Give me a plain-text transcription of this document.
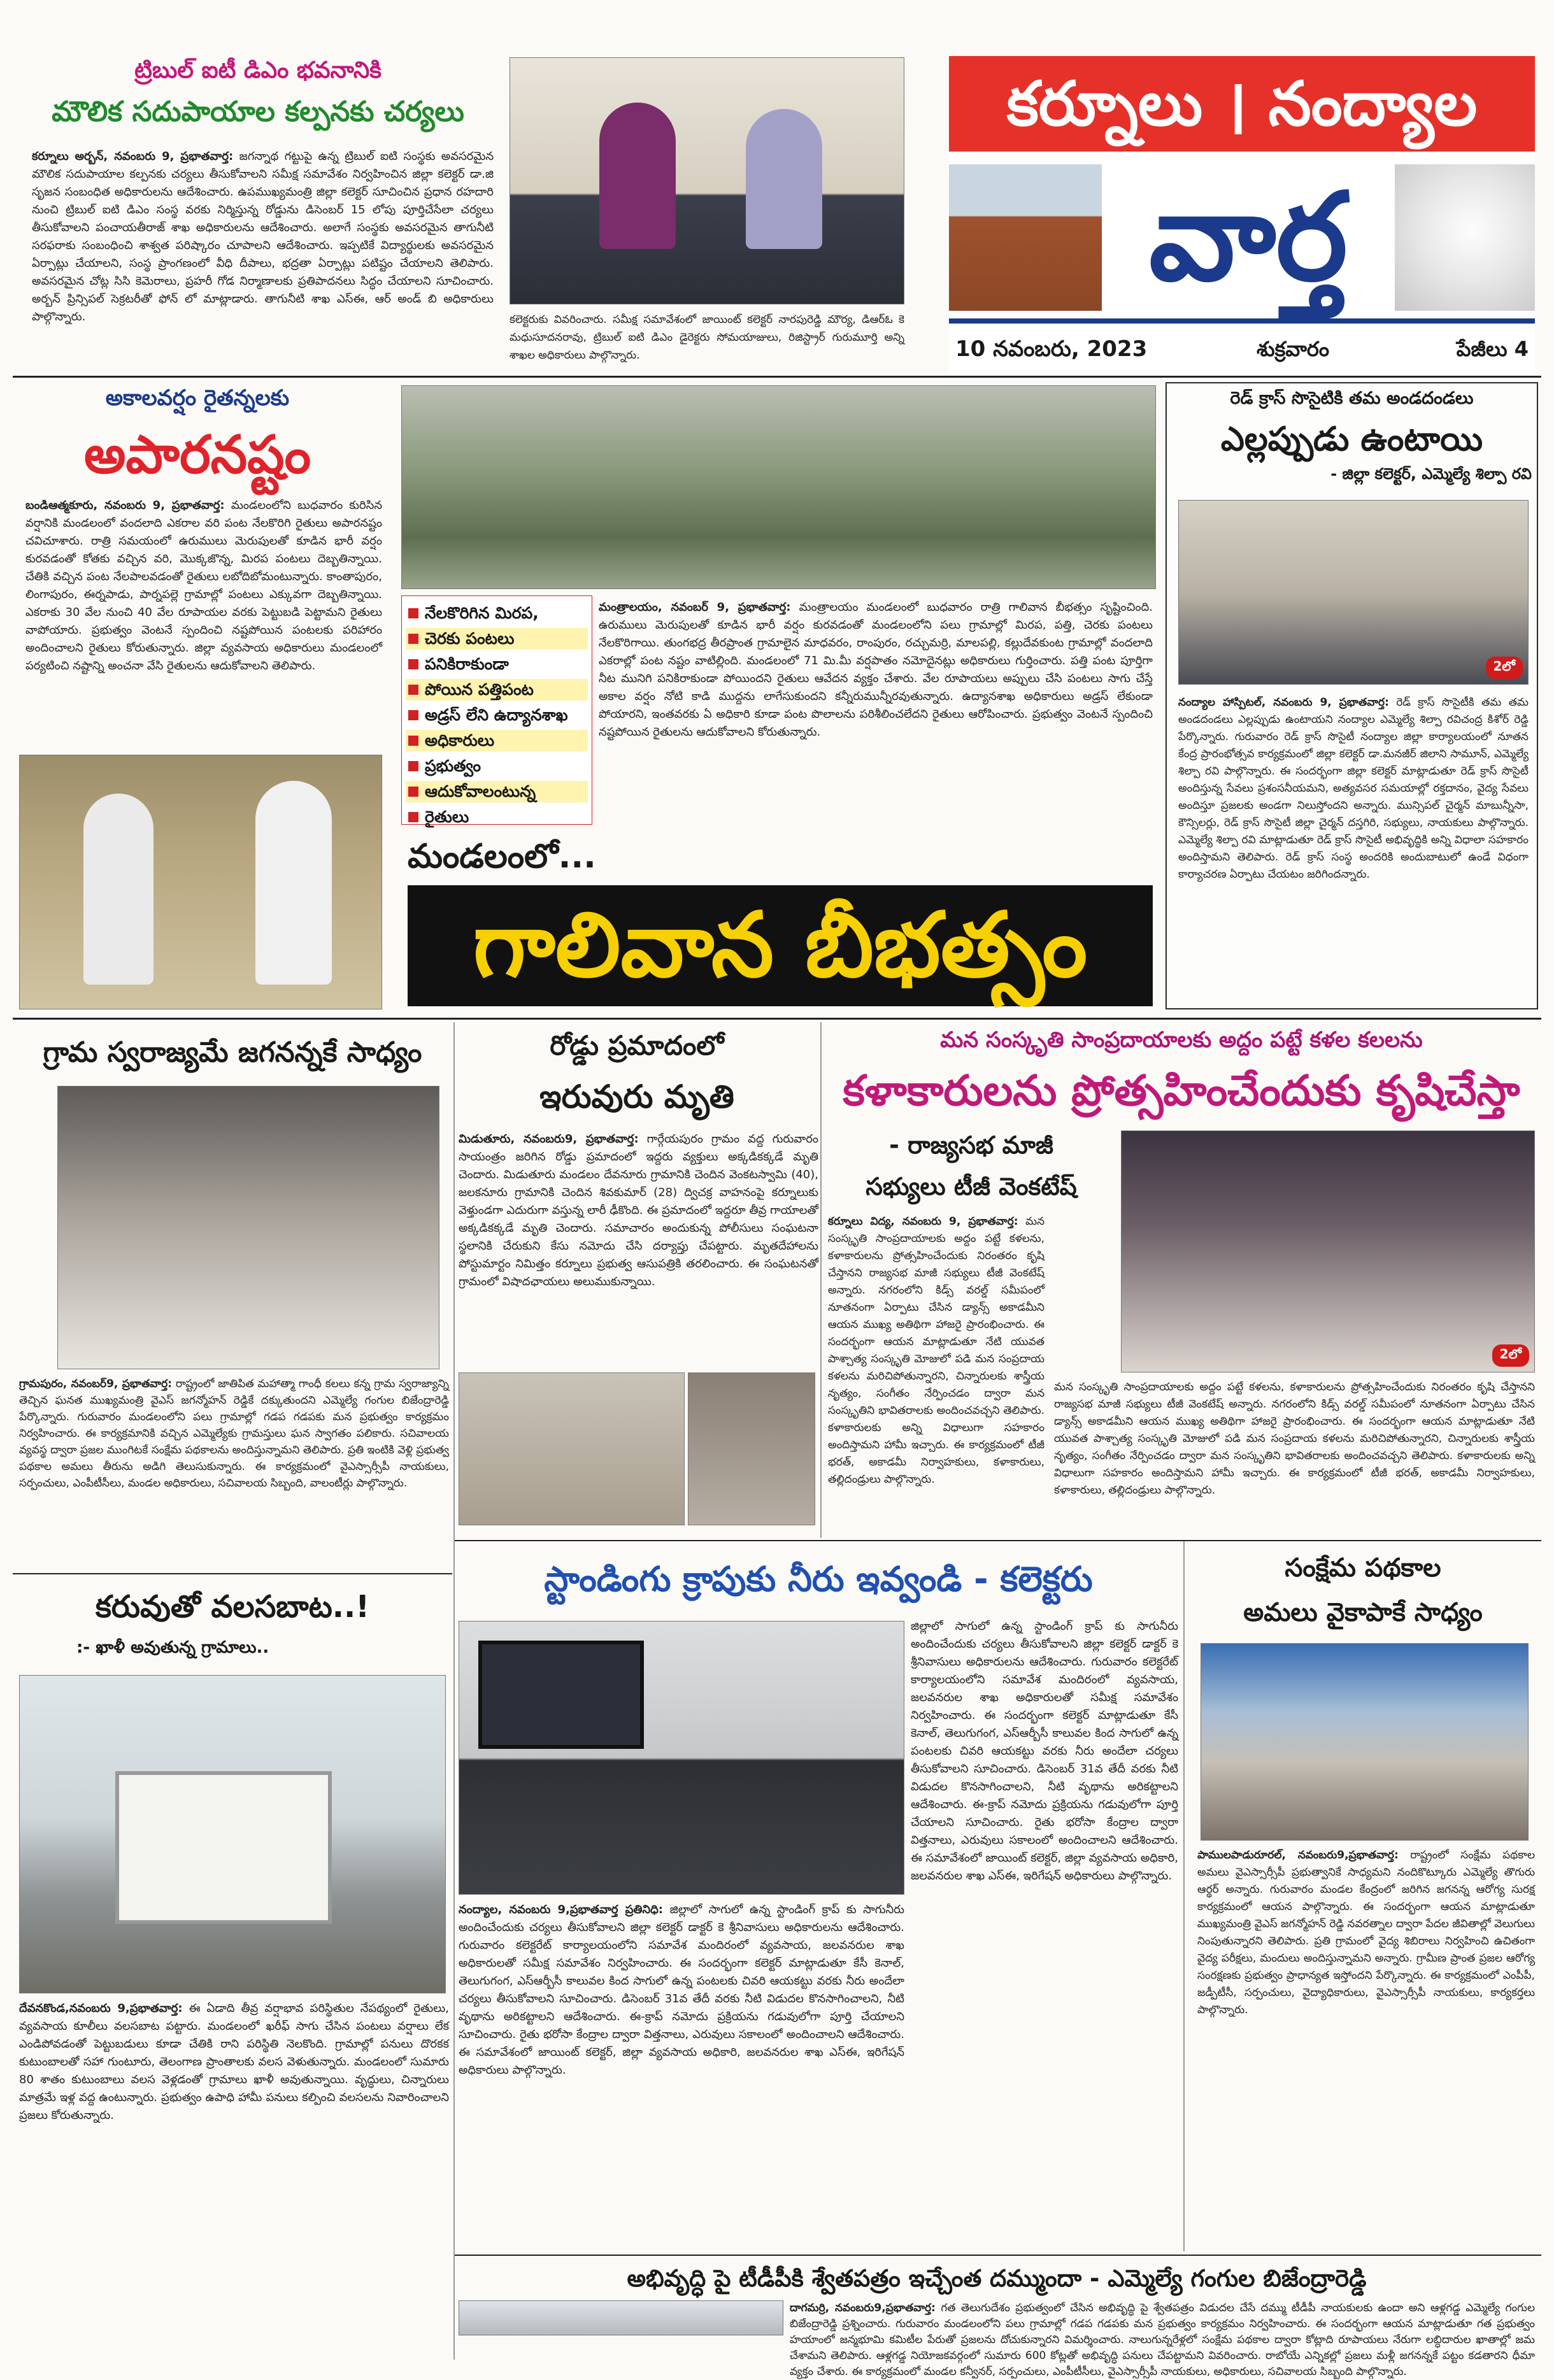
ట్రిబుల్ ఐటీ డిఎం భవనానికి
మౌలిక సదుపాయాల కల్పనకు చర్యలు
కర్నూలు అర్బన్, నవంబరు 9, ప్రభాతవార్త: జగన్నాథ గట్టుపై ఉన్న ట్రిబుల్ ఐటి సంస్థకు అవసరమైన మౌలిక సదుపాయాల కల్పనకు చర్యలు తీసుకోవాలని సమీక్ష సమావేశం నిర్వహించిన జిల్లా కలెక్టర్ డా.జి సృజన సంబంధిత అధికారులను ఆదేశించారు. ఉపముఖ్యమంత్రి జిల్లా కలెక్టర్ సూచించిన ప్రధాన రహదారి నుంచి ట్రిబుల్ ఐటి డిఎం సంస్థ వరకు నిర్మిస్తున్న రోడ్డును డిసెంబర్ 15 లోపు పూర్తిచేసేలా చర్యలు తీసుకోవాలని పంచాయతీరాజ్ శాఖ అధికారులను ఆదేశించారు. అలాగే సంస్థకు అవసరమైన తాగునీటి సరఫరాకు సంబంధించి శాశ్వత పరిష్కారం చూపాలని ఆదేశించారు. ఇప్పటికే విద్యార్థులకు అవసరమైన ఏర్పాట్లు చేయాలని, సంస్థ ప్రాంగణంలో వీధి దీపాలు, భద్రతా ఏర్పాట్లు పటిష్టం చేయాలని తెలిపారు. అవసరమైన చోట్ల సిసి కెమెరాలు, ప్రహరీ గోడ నిర్మాణాలకు ప్రతిపాదనలు సిద్ధం చేయాలని సూచించారు. అర్బన్ ప్రిన్సిపల్ సెక్రటరీతో ఫోన్ లో మాట్లాడారు. తాగునీటి శాఖ ఎస్ఈ, ఆర్ అండ్ బి అధికారులు పాల్గొన్నారు.	కలెక్టరుకు వివరించారు. సమీక్ష సమావేశంలో జాయింట్ కలెక్టర్ నారపురెడ్డి మౌర్య, డిఆర్ఓ కె మధుసూదనరావు, ట్రిబుల్ ఐటి డిఎం డైరెక్టరు సోమయాజులు, రిజిస్ట్రార్ గురుమూర్తి అన్ని శాఖల అధికారులు పాల్గొన్నారు.
కర్నూలు । నంద్యాల
వార్త
10 నవంబరు, 2023	శుక్రవారం	పేజీలు 4
అకాలవర్షం రైతన్నలకు
అపారనష్టం
బండిఆత్మకూరు, నవంబరు 9, ప్రభాతవార్త: మండలంలోని బుధవారం కురిసిన వర్షానికి మండలంలో వందలాది ఎకరాల వరి పంట నేలకొరిగి రైతులు అపారనష్టం చవిచూశారు. రాత్రి సమయంలో ఉరుములు మెరుపులతో కూడిన భారీ వర్షం కురవడంతో కోతకు వచ్చిన వరి, మొక్కజొన్న, మిరప పంటలు దెబ్బతిన్నాయి. చేతికి వచ్చిన పంట నేలపాలవడంతో రైతులు లబోదిబోమంటున్నారు. కాంతాపురం, లింగాపురం, ఈర్నపాడు, పార్నపల్లె గ్రామాల్లో పంటలు ఎక్కువగా దెబ్బతిన్నాయి. ఎకరాకు 30 వేల నుంచి 40 వేల రూపాయల వరకు పెట్టుబడి పెట్టామని రైతులు వాపోయారు. ప్రభుత్వం వెంటనే స్పందించి నష్టపోయిన పంటలకు పరిహారం అందించాలని రైతులు కోరుతున్నారు. జిల్లా వ్యవసాయ అధికారులు మండలంలో పర్యటించి నష్టాన్ని అంచనా వేసి రైతులను ఆదుకోవాలని తెలిపారు.
నేలకొరిగిన మిరప,
చెరకు పంటలు
పనికిరాకుండా
పోయిన పత్తిపంట
అడ్రస్ లేని ఉద్యానశాఖ
అధికారులు
ప్రభుత్వం
ఆదుకోవాలంటున్న
రైతులు
మంత్రాలయం, నవంబర్ 9, ప్రభాతవార్త: మంత్రాలయం మండలంలో బుధవారం రాత్రి గాలివాన బీభత్సం సృష్టించింది. ఉరుములు మెరుపులతో కూడిన భారీ వర్షం కురవడంతో మండలంలోని పలు గ్రామాల్లో మిరప, పత్తి, చెరకు పంటలు నేలకొరిగాయి. తుంగభద్ర తీరప్రాంత గ్రామాలైన మాధవరం, రాంపురం, రచ్చుమర్రి, మాలపల్లి, కల్లుదేవకుంట గ్రామాల్లో వందలాది ఎకరాల్లో పంట నష్టం వాటిల్లింది. మండలంలో 71 మి.మీ వర్షపాతం నమోదైనట్లు అధికారులు గుర్తించారు. పత్తి పంట పూర్తిగా నీట మునిగి పనికిరాకుండా పోయిందని రైతులు ఆవేదన వ్యక్తం చేశారు. వేల రూపాయలు అప్పులు చేసి పంటలు సాగు చేస్తే అకాల వర్షం నోటి కాడి ముద్దను లాగేసుకుందని కన్నీరుమున్నీరవుతున్నారు. ఉద్యానశాఖ అధికారులు అడ్రస్ లేకుండా పోయారని, ఇంతవరకు ఏ అధికారి కూడా పంట పొలాలను పరిశీలించలేదని రైతులు ఆరోపించారు. ప్రభుత్వం వెంటనే స్పందించి నష్టపోయిన రైతులను ఆదుకోవాలని కోరుతున్నారు.
మండలంలో...
గాలివాన బీభత్సం
రెడ్ క్రాస్ సొసైటికి తమ అండదండలు
ఎల్లప్పుడు ఉంటాయి
- జిల్లా కలెక్టర్, ఎమ్మెల్యే శిల్పా రవి
2లో
నంద్యాల హాస్పిటల్, నవంబరు 9, ప్రభాతవార్త: రెడ్ క్రాస్ సొసైటీకి తమ తమ అండదండలు ఎల్లప్పుడు ఉంటాయని నంద్యాల ఎమ్మెల్యే శిల్పా రవిచంద్ర కిశోర్ రెడ్డి పేర్కొన్నారు. గురువారం రెడ్ క్రాస్ సొసైటీ నంద్యాల జిల్లా కార్యాలయంలో నూతన కేంద్ర ప్రారంభోత్సవ కార్యక్రమంలో జిల్లా కలెక్టర్ డా.మనజీర్ జిలాని సామూన్, ఎమ్మెల్యే శిల్పా రవి పాల్గొన్నారు. ఈ సందర్భంగా జిల్లా కలెక్టర్ మాట్లాడుతూ రెడ్ క్రాస్ సొసైటీ అందిస్తున్న సేవలు ప్రశంసనీయమని, అత్యవసర సమయాల్లో రక్తదానం, వైద్య సేవలు అందిస్తూ ప్రజలకు అండగా నిలుస్తోందని అన్నారు. మున్సిపల్ చైర్మన్ మాబున్నీసా, కౌన్సిలర్లు, రెడ్ క్రాస్ సొసైటీ జిల్లా చైర్మన్ దస్తగిరి, సభ్యులు, నాయకులు పాల్గొన్నారు. ఎమ్మెల్యే శిల్పా రవి మాట్లాడుతూ రెడ్ క్రాస్ సొసైటీ అభివృద్ధికి అన్ని విధాలా సహకారం అందిస్తామని తెలిపారు. రెడ్ క్రాస్ సంస్థ అందరికి అందుబాటులో ఉండే విధంగా కార్యాచరణ ఏర్పాటు చేయటం జరిగిందన్నారు.
గ్రామ స్వరాజ్యమే జగనన్నకే సాధ్యం
గ్రామపురం, నవంబర్9, ప్రభాతవార్త: రాష్ట్రంలో జాతిపిత మహాత్మా గాంధీ కలలు కన్న గ్రామ స్వరాజ్యాన్ని తెచ్చిన ఘనత ముఖ్యమంత్రి వైఎస్ జగన్మోహన్ రెడ్డికే దక్కుతుందని ఎమ్మెల్యే గంగుల బిజేంద్రారెడ్డి పేర్కొన్నారు. గురువారం మండలంలోని పలు గ్రామాల్లో గడప గడపకు మన ప్రభుత్వం కార్యక్రమం నిర్వహించారు. ఈ కార్యక్రమానికి వచ్చిన ఎమ్మెల్యేకు గ్రామస్తులు ఘన స్వాగతం పలికారు. సచివాలయ వ్యవస్థ ద్వారా ప్రజల ముంగిటకే సంక్షేమ పథకాలను అందిస్తున్నామని తెలిపారు. ప్రతి ఇంటికి వెళ్లి ప్రభుత్వ పథకాల అమలు తీరును అడిగి తెలుసుకున్నారు. ఈ కార్యక్రమంలో వైఎస్సార్సీపీ నాయకులు, సర్పంచులు, ఎంపీటీసీలు, మండల అధికారులు, సచివాలయ సిబ్బంది, వాలంటీర్లు పాల్గొన్నారు.
కరువుతో వలసబాట..!
:- ఖాళీ అవుతున్న గ్రామాలు..
దేవనకొండ,నవంబరు 9,ప్రభాతవార్త: ఈ ఏడాది తీవ్ర వర్షాభావ పరిస్థితుల నేపథ్యంలో రైతులు, వ్యవసాయ కూలీలు వలసబాట పట్టారు. మండలంలో ఖరీఫ్ సాగు చేసిన పంటలు వర్షాలు లేక ఎండిపోవడంతో పెట్టుబడులు కూడా చేతికి రాని పరిస్థితి నెలకొంది. గ్రామాల్లో పనులు దొరకక కుటుంబాలతో సహా గుంటూరు, తెలంగాణ ప్రాంతాలకు వలస వెళుతున్నారు. మండలంలో సుమారు 80 శాతం కుటుంబాలు వలస వెళ్లడంతో గ్రామాలు ఖాళీ అవుతున్నాయి. వృద్ధులు, చిన్నారులు మాత్రమే ఇళ్ల వద్ద ఉంటున్నారు. ప్రభుత్వం ఉపాధి హామీ పనులు కల్పించి వలసలను నివారించాలని ప్రజలు కోరుతున్నారు.
రోడ్డు ప్రమాదంలో
ఇరువురు మృతి
మిడుతూరు, నవంబరు9, ప్రభాతవార్త: గార్గేయపురం గ్రామం వద్ద గురువారం సాయంత్రం జరిగిన రోడ్డు ప్రమాదంలో ఇద్దరు వ్యక్తులు అక్కడికక్కడే మృతి చెందారు. మిడుతూరు మండలం దేవనూరు గ్రామానికి చెందిన వెంకటస్వామి (40), జలకనూరు గ్రామానికి చెందిన శివకుమార్ (28) ద్విచక్ర వాహనంపై కర్నూలుకు వెళ్తుండగా ఎదురుగా వస్తున్న లారీ ఢీకొంది. ఈ ప్రమాదంలో ఇద్దరూ తీవ్ర గాయాలతో అక్కడికక్కడే మృతి చెందారు. సమాచారం అందుకున్న పోలీసులు సంఘటనా స్థలానికి చేరుకుని కేసు నమోదు చేసి దర్యాప్తు చేపట్టారు. మృతదేహాలను పోస్టుమార్టం నిమిత్తం కర్నూలు ప్రభుత్వ ఆసుపత్రికి తరలించారు. ఈ సంఘటనతో గ్రామంలో విషాదఛాయలు అలుముకున్నాయి.
మన సంస్కృతి సాంప్రదాయాలకు అద్దం పట్టే కళల కలలను
కళాకారులను ప్రోత్సహించేందుకు కృషిచేస్తా
- రాజ్యసభ మాజీ
సభ్యులు టీజీ వెంకటేష్
కర్నూలు విద్య, నవంబరు 9, ప్రభాతవార్త: మన సంస్కృతి సాంప్రదాయాలకు అద్దం పట్టే కళలను, కళాకారులను ప్రోత్సహించేందుకు నిరంతరం కృషి చేస్తానని రాజ్యసభ మాజీ సభ్యులు టీజీ వెంకటేష్ అన్నారు. నగరంలోని కిడ్స్ వరల్డ్ సమీపంలో నూతనంగా ఏర్పాటు చేసిన డ్యాన్స్ అకాడమీని ఆయన ముఖ్య అతిథిగా హాజరై ప్రారంభించారు. ఈ సందర్భంగా ఆయన మాట్లాడుతూ నేటి యువత పాశ్చాత్య సంస్కృతి మోజులో పడి మన సంప్రదాయ కళలను మరిచిపోతున్నారని, చిన్నారులకు శాస్త్రీయ నృత్యం, సంగీతం నేర్పించడం ద్వారా మన సంస్కృతిని భావితరాలకు అందించవచ్చని తెలిపారు. కళాకారులకు అన్ని విధాలుగా సహకారం అందిస్తామని హామీ ఇచ్చారు. ఈ కార్యక్రమంలో టీజీ భరత్, అకాడమీ నిర్వాహకులు, కళాకారులు, తల్లిదండ్రులు పాల్గొన్నారు.
2లో
మన సంస్కృతి సాంప్రదాయాలకు అద్దం పట్టే కళలను, కళాకారులను ప్రోత్సహించేందుకు నిరంతరం కృషి చేస్తానని రాజ్యసభ మాజీ సభ్యులు టీజీ వెంకటేష్ అన్నారు. నగరంలోని కిడ్స్ వరల్డ్ సమీపంలో నూతనంగా ఏర్పాటు చేసిన డ్యాన్స్ అకాడమీని ఆయన ముఖ్య అతిథిగా హాజరై ప్రారంభించారు. ఈ సందర్భంగా ఆయన మాట్లాడుతూ నేటి యువత పాశ్చాత్య సంస్కృతి మోజులో పడి మన సంప్రదాయ కళలను మరిచిపోతున్నారని, చిన్నారులకు శాస్త్రీయ నృత్యం, సంగీతం నేర్పించడం ద్వారా మన సంస్కృతిని భావితరాలకు అందించవచ్చని తెలిపారు. కళాకారులకు అన్ని విధాలుగా సహకారం అందిస్తామని హామీ ఇచ్చారు. ఈ కార్యక్రమంలో టీజీ భరత్, అకాడమీ నిర్వాహకులు, కళాకారులు, తల్లిదండ్రులు పాల్గొన్నారు.
స్టాండింగు క్రాపుకు నీరు ఇవ్వండి - కలెక్టరు
జిల్లాలో సాగులో ఉన్న స్టాండింగ్ క్రాప్ కు సాగునీరు అందించేందుకు చర్యలు తీసుకోవాలని జిల్లా కలెక్టర్ డాక్టర్ కె శ్రీనివాసులు అధికారులను ఆదేశించారు. గురువారం కలెక్టరేట్ కార్యాలయంలోని సమావేశ మందిరంలో వ్యవసాయ, జలవనరుల శాఖ అధికారులతో సమీక్ష సమావేశం నిర్వహించారు. ఈ సందర్భంగా కలెక్టర్ మాట్లాడుతూ కేసీ కెనాల్, తెలుగుగంగ, ఎస్ఆర్బీసీ కాలువల కింద సాగులో ఉన్న పంటలకు చివరి ఆయకట్టు వరకు నీరు అందేలా చర్యలు తీసుకోవాలని సూచించారు. డిసెంబర్ 31వ తేదీ వరకు నీటి విడుదల కొనసాగించాలని, నీటి వృథాను అరికట్టాలని ఆదేశించారు. ఈ-క్రాప్ నమోదు ప్రక్రియను గడువులోగా పూర్తి చేయాలని సూచించారు. రైతు భరోసా కేంద్రాల ద్వారా విత్తనాలు, ఎరువులు సకాలంలో అందించాలని ఆదేశించారు. ఈ సమావేశంలో జాయింట్ కలెక్టర్, జిల్లా వ్యవసాయ అధికారి, జలవనరుల శాఖ ఎస్ఈ, ఇరిగేషన్ అధికారులు పాల్గొన్నారు.
నంద్యాల, నవంబరు 9,ప్రభాతవార్త ప్రతినిధి: జిల్లాలో సాగులో ఉన్న స్టాండింగ్ క్రాప్ కు సాగునీరు అందించేందుకు చర్యలు తీసుకోవాలని జిల్లా కలెక్టర్ డాక్టర్ కె శ్రీనివాసులు అధికారులను ఆదేశించారు. గురువారం కలెక్టరేట్ కార్యాలయంలోని సమావేశ మందిరంలో వ్యవసాయ, జలవనరుల శాఖ అధికారులతో సమీక్ష సమావేశం నిర్వహించారు. ఈ సందర్భంగా కలెక్టర్ మాట్లాడుతూ కేసీ కెనాల్, తెలుగుగంగ, ఎస్ఆర్బీసీ కాలువల కింద సాగులో ఉన్న పంటలకు చివరి ఆయకట్టు వరకు నీరు అందేలా చర్యలు తీసుకోవాలని సూచించారు. డిసెంబర్ 31వ తేదీ వరకు నీటి విడుదల కొనసాగించాలని, నీటి వృథాను అరికట్టాలని ఆదేశించారు. ఈ-క్రాప్ నమోదు ప్రక్రియను గడువులోగా పూర్తి చేయాలని సూచించారు. రైతు భరోసా కేంద్రాల ద్వారా విత్తనాలు, ఎరువులు సకాలంలో అందించాలని ఆదేశించారు. ఈ సమావేశంలో జాయింట్ కలెక్టర్, జిల్లా వ్యవసాయ అధికారి, జలవనరుల శాఖ ఎస్ఈ, ఇరిగేషన్ అధికారులు పాల్గొన్నారు.
సంక్షేమ పథకాల
అమలు వైకాపాకే సాధ్యం
పాములపాడురూరల్, నవంబరు9,ప్రభాతవార్త: రాష్ట్రంలో సంక్షేమ పథకాల అమలు వైఎస్సార్సీపీ ప్రభుత్వానికే సాధ్యమని నందికొట్కూరు ఎమ్మెల్యే తొగురు ఆర్థర్ అన్నారు. గురువారం మండల కేంద్రంలో జరిగిన జగనన్న ఆరోగ్య సురక్ష కార్యక్రమంలో ఆయన పాల్గొన్నారు. ఈ సందర్భంగా ఆయన మాట్లాడుతూ ముఖ్యమంత్రి వైఎస్ జగన్మోహన్ రెడ్డి నవరత్నాల ద్వారా పేదల జీవితాల్లో వెలుగులు నింపుతున్నారని తెలిపారు. ప్రతి గ్రామంలో వైద్య శిబిరాలు నిర్వహించి ఉచితంగా వైద్య పరీక్షలు, మందులు అందిస్తున్నామని అన్నారు. గ్రామీణ ప్రాంత ప్రజల ఆరోగ్య సంరక్షణకు ప్రభుత్వం ప్రాధాన్యత ఇస్తోందని పేర్కొన్నారు. ఈ కార్యక్రమంలో ఎంపీపీ, జడ్పీటీసీ, సర్పంచులు, వైద్యాధికారులు, వైఎస్సార్సీపీ నాయకులు, కార్యకర్తలు పాల్గొన్నారు.
అభివృద్ధి పై టీడీపీకి శ్వేతపత్రం ఇచ్చేంత దమ్ముందా - ఎమ్మెల్యే గంగుల బిజేంద్రారెడ్డి
దాగమర్రి, నవంబరు9,ప్రభాతవార్త: గత తెలుగుదేశం ప్రభుత్వంలో చేసిన అభివృద్ధి పై శ్వేతపత్రం విడుదల చేసే దమ్ము టీడీపీ నాయకులకు ఉందా అని ఆళ్లగడ్డ ఎమ్మెల్యే గంగుల బిజేంద్రారెడ్డి ప్రశ్నించారు. గురువారం మండలంలోని పలు గ్రామాల్లో గడప గడపకు మన ప్రభుత్వం కార్యక్రమం నిర్వహించారు. ఈ సందర్భంగా ఆయన మాట్లాడుతూ గత ప్రభుత్వం హయాంలో జన్మభూమి కమిటీల పేరుతో ప్రజలను దోచుకున్నారని విమర్శించారు. నాలుగున్నరేళ్లలో సంక్షేమ పథకాల ద్వారా కోట్లాది రూపాయలు నేరుగా లబ్ధిదారుల ఖాతాల్లో జమ చేశామని తెలిపారు. ఆళ్లగడ్డ నియోజకవర్గంలో సుమారు 600 కోట్లతో అభివృద్ధి పనులు చేపట్టామని వివరించారు. రాబోయే ఎన్నికల్లో ప్రజలు మళ్లీ జగనన్నకే పట్టం కడతారని ధీమా వ్యక్తం చేశారు. ఈ కార్యక్రమంలో మండల కన్వీనర్, సర్పంచులు, ఎంపీటీసీలు, వైఎస్సార్సీపీ నాయకులు, అధికారులు, సచివాలయ సిబ్బంది పాల్గొన్నారు.
